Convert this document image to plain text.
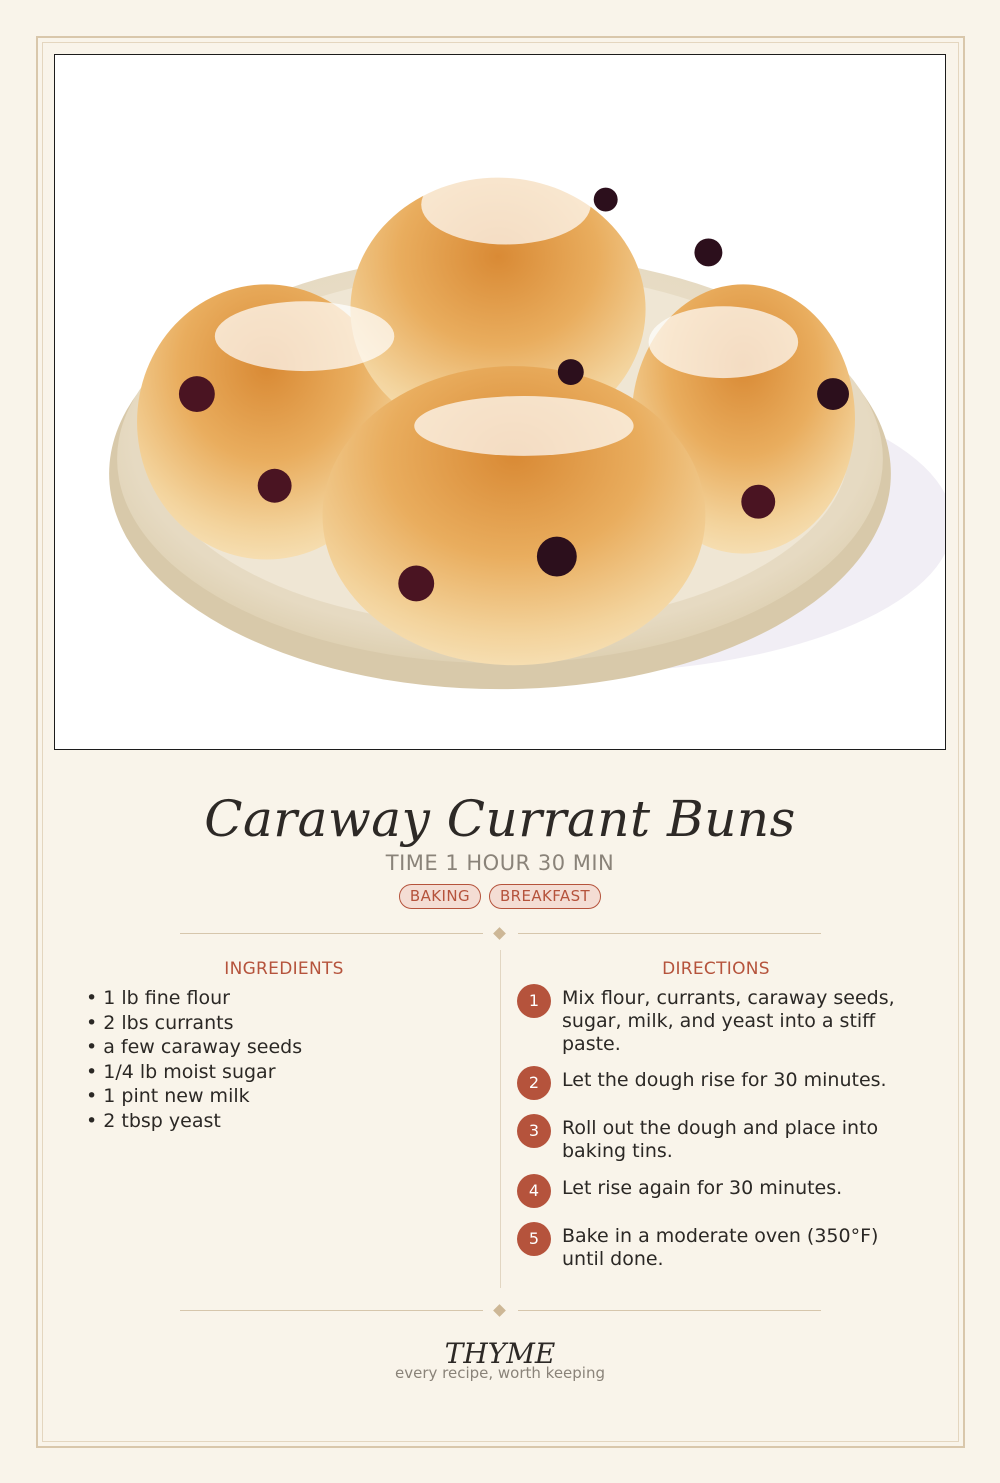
Caraway Currant Buns
TIME 1 HOUR 30 MIN
BAKING	BREAKFAST
INGREDIENTS	DIRECTIONS
• 1 lb fine flour
• 2 lbs currants
• a few caraway seeds
• 1/4 lb moist sugar
• 1 pint new milk
• 2 tbsp yeast
1	Mix flour, currants, caraway seeds, sugar, milk, and yeast into a stiff paste.
2	Let the dough rise for 30 minutes.
3	Roll out the dough and place into baking tins.
4	Let rise again for 30 minutes.
5	Bake in a moderate oven (350°F) until done.
THYME
every recipe, worth keeping
